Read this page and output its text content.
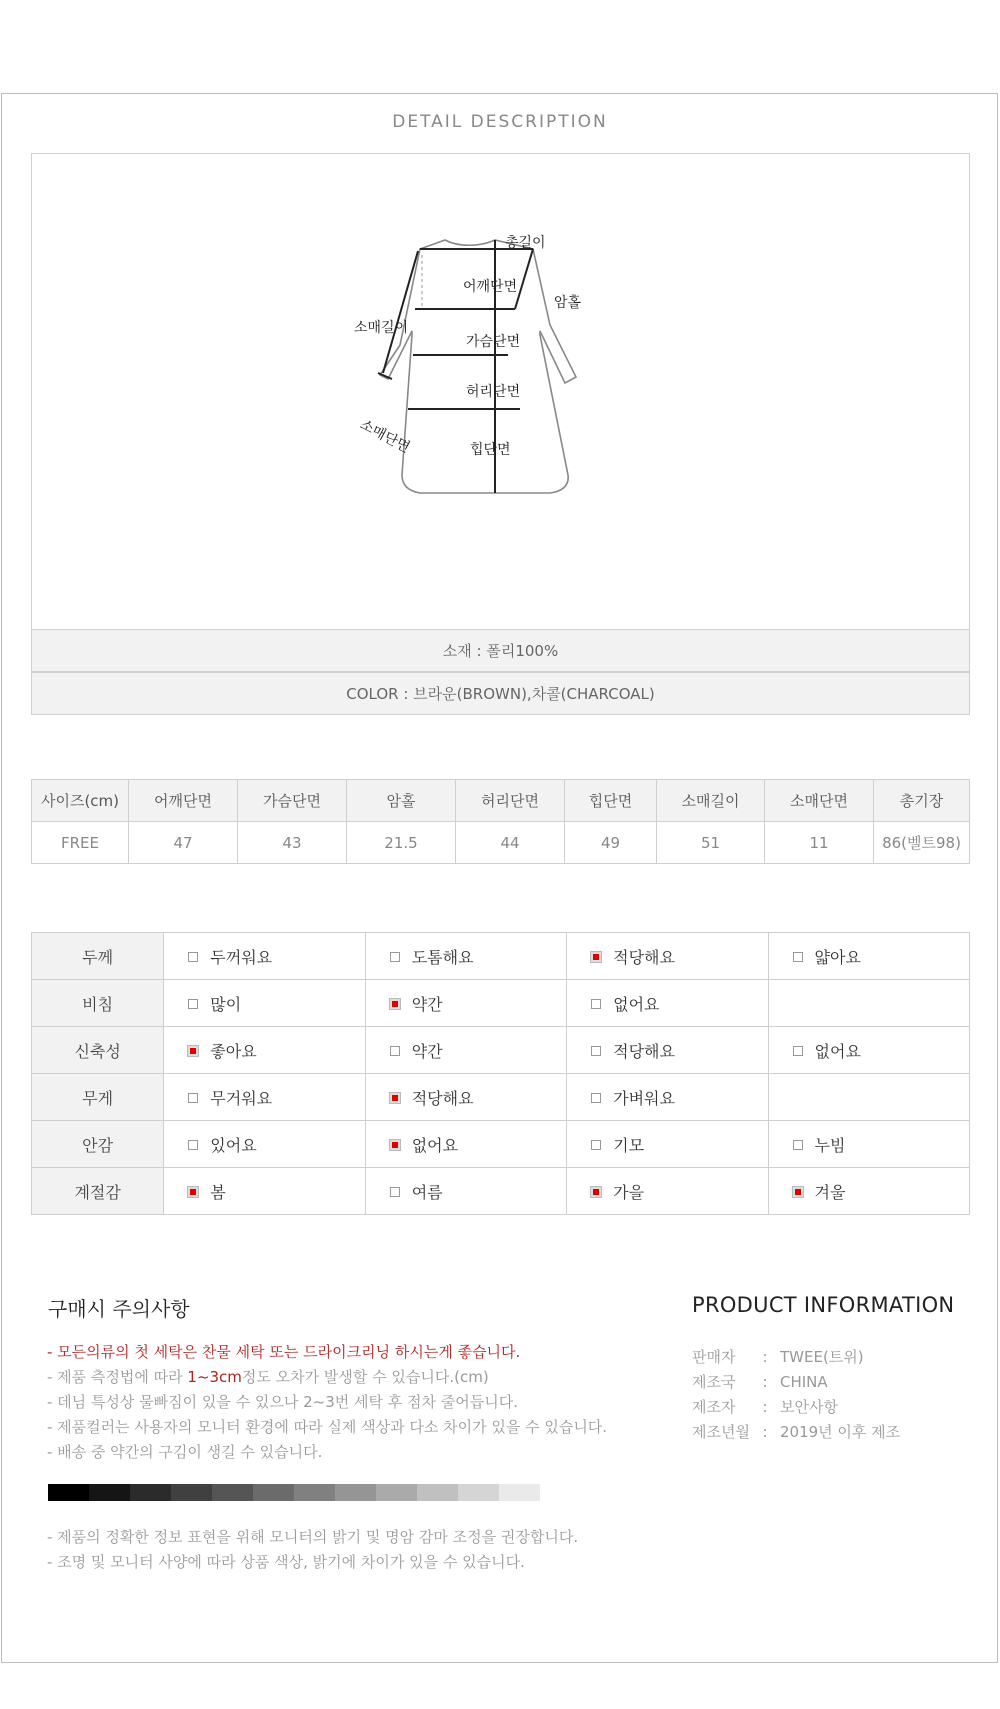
DETAIL DESCRIPTION
총길이
어깨단면
암홀
소매길이
가슴단면
허리단면
소매단면	힙단면
소재 : 폴리100%
COLOR : 브라운(BROWN),차콜(CHARCOAL)
사이즈(cm)	어깨단면	가슴단면	암홀	허리단면	힙단면	소매길이	소매단면	총기장
FREE	47	43	21.5	44	49	51	11	86(벨트98)
두께	두꺼워요	도톰해요	적당해요	얇아요
비침	많이	약간	없어요	
신축성	좋아요	약간	적당해요	없어요
무게	무거워요	적당해요	가벼워요	
안감	있어요	없어요	기모	누빔
계절감	봄	여름	가을	겨울
구매시 주의사항
- 모든의류의 첫 세탁은 찬물 세탁 또는 드라이크리닝 하시는게 좋습니다.
- 제품 측정법에 따라 1~3cm정도 오차가 발생할 수 있습니다.(cm)
- 데님 특성상 물빠짐이 있을 수 있으나 2~3번 세탁 후 점차 줄어듭니다.
- 제품컬러는 사용자의 모니터 환경에 따라 실제 색상과 다소 차이가 있을 수 있습니다.
- 배송 중 약간의 구김이 생길 수 있습니다.
- 제품의 정확한 정보 표현을 위해 모니터의 밝기 및 명암 감마 조정을 권장합니다.
- 조명 및 모니터 사양에 따라 상품 색상, 밝기에 차이가 있을 수 있습니다.
PRODUCT INFORMATION
판매자	: TWEE(트위)
제조국	: CHINA
제조자	: 보안사항
제조년월 : 2019년 이후 제조
